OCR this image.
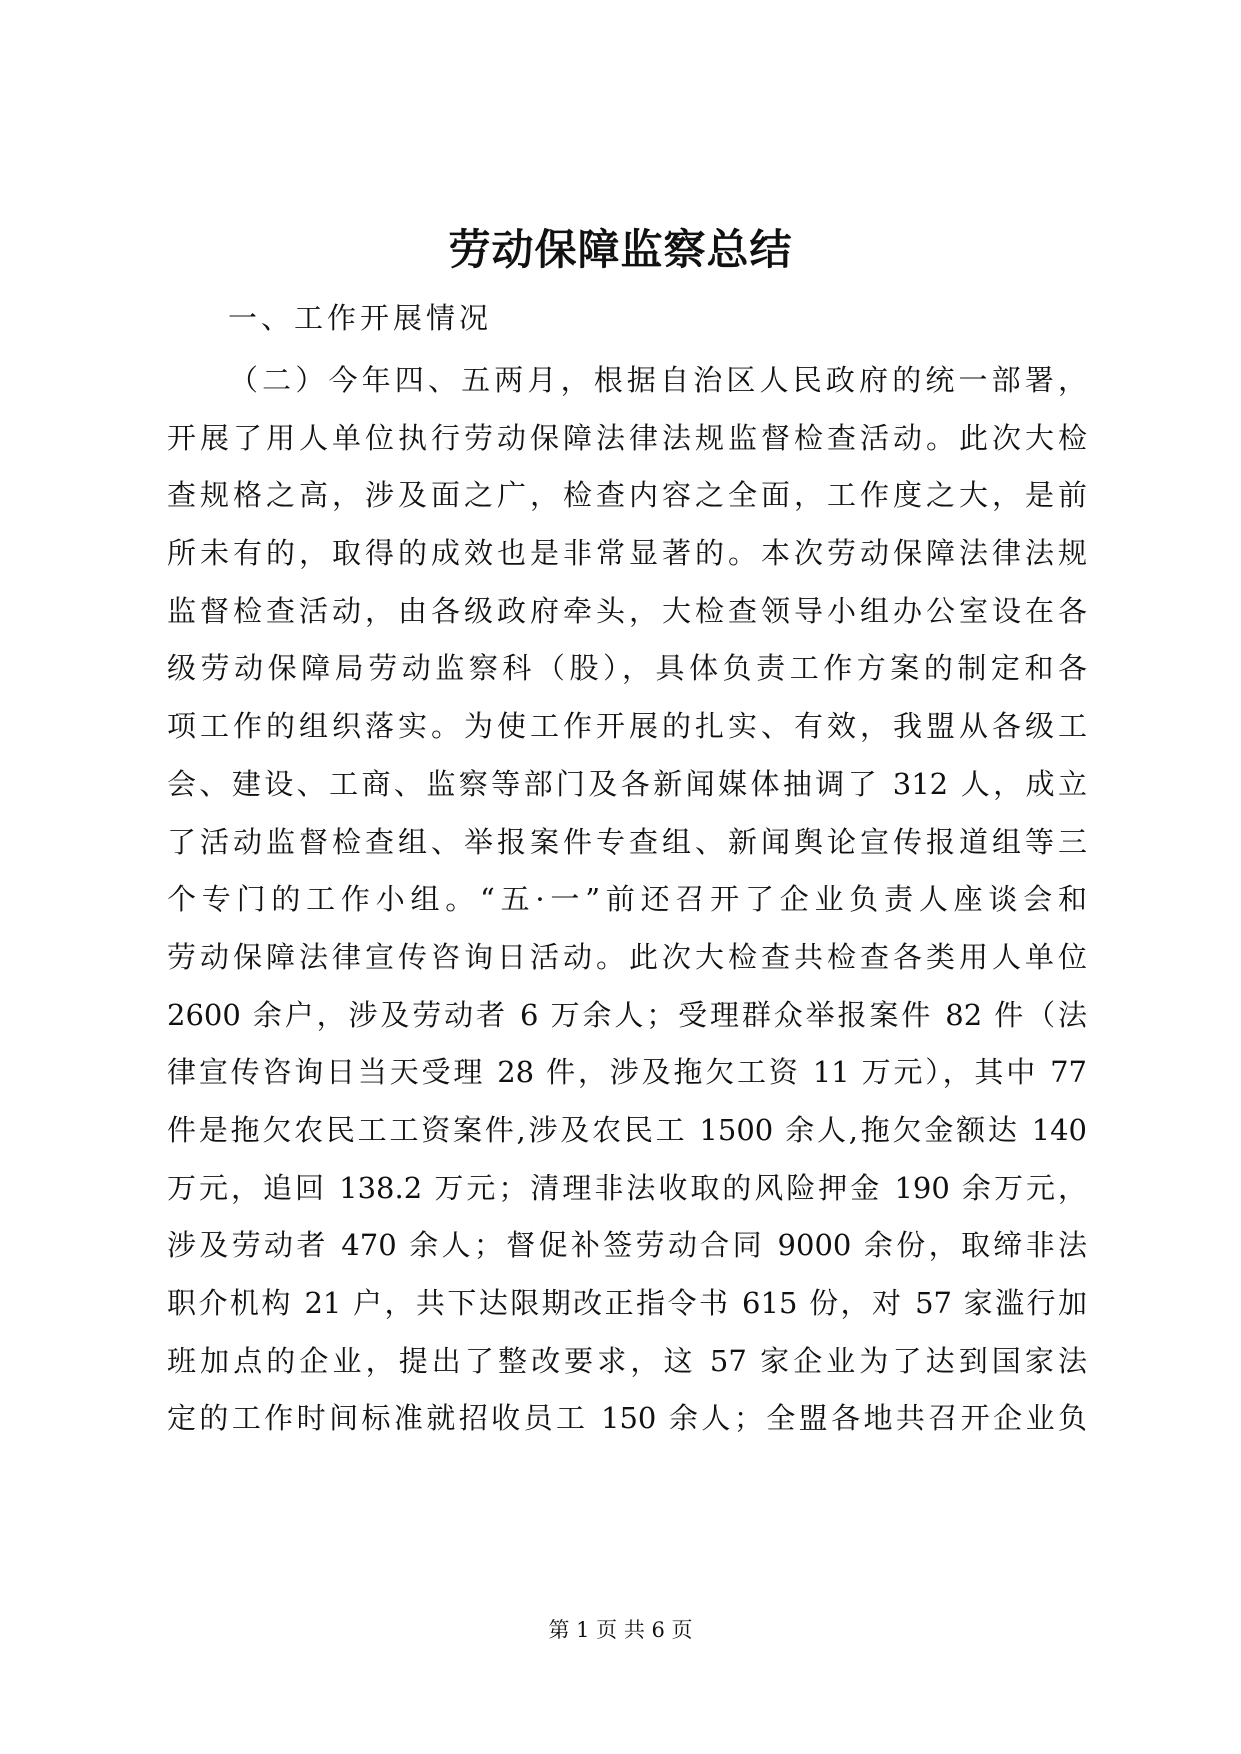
劳动保障监察总结

一、工作开展情况

（二）今年四、五两月，根据自治区人民政府的统一部署，
开展了用人单位执行劳动保障法律法规监督检查活动。此次大检
查规格之高，涉及面之广，检查内容之全面，工作度之大，是前
所未有的，取得的成效也是非常显著的。本次劳动保障法律法规
监督检查活动，由各级政府牵头，大检查领导小组办公室设在各
级劳动保障局劳动监察科（股），具体负责工作方案的制定和各
项工作的组织落实。为使工作开展的扎实、有效，我盟从各级工
会、建设、工商、监察等部门及各新闻媒体抽调了 312 人，成立
了活动监督检查组、举报案件专查组、新闻舆论宣传报道组等三
个专门的工作小组。“五·一”前还召开了企业负责人座谈会和
劳动保障法律宣传咨询日活动。此次大检查共检查各类用人单位
2600 余户，涉及劳动者 6 万余人；受理群众举报案件 82 件（法
律宣传咨询日当天受理 28 件，涉及拖欠工资 11 万元），其中 77
件是拖欠农民工工资案件,涉及农民工 1500 余人,拖欠金额达 140
万元，追回 138.2 万元；清理非法收取的风险押金 190 余万元，
涉及劳动者 470 余人；督促补签劳动合同 9000 余份，取缔非法
职介机构 21 户，共下达限期改正指令书 615 份，对 57 家滥行加
班加点的企业，提出了整改要求，这 57 家企业为了达到国家法
定的工作时间标准就招收员工 150 余人；全盟各地共召开企业负

第 1 页 共 6 页
